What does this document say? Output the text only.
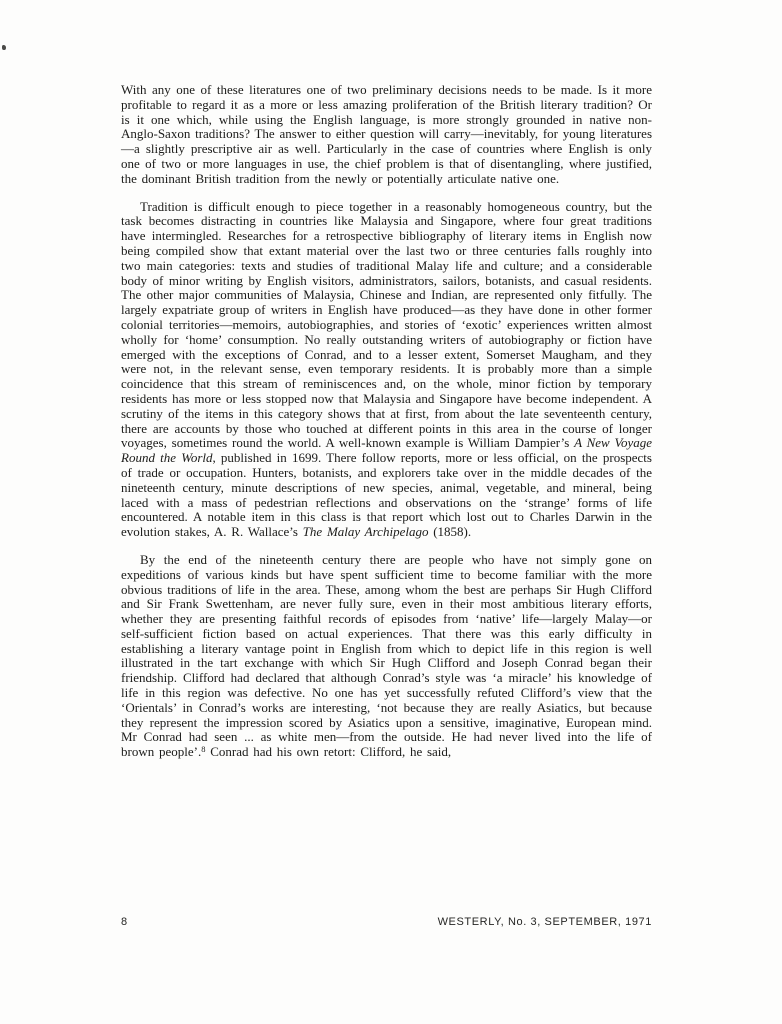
With any one of these literatures one of two preliminary decisions needs to be made. Is it more profitable to regard it as a more or less amazing proliferation of the British literary tradition? Or is it one which, while using the English language, is more strongly grounded in native non-Anglo-Saxon traditions? The answer to either question will carry—inevitably, for young literatures—a slightly prescriptive air as well. Particularly in the case of countries where English is only one of two or more languages in use, the chief problem is that of disentangling, where justified, the dominant British tradition from the newly or potentially articulate native one.

Tradition is difficult enough to piece together in a reasonably homogeneous country, but the task becomes distracting in countries like Malaysia and Singapore, where four great traditions have intermingled. Researches for a retrospective bibliography of literary items in English now being compiled show that extant material over the last two or three centuries falls roughly into two main categories: texts and studies of traditional Malay life and culture; and a considerable body of minor writing by English visitors, administrators, sailors, botanists, and casual residents. The other major communities of Malaysia, Chinese and Indian, are represented only fitfully. The largely expatriate group of writers in English have produced—as they have done in other former colonial territories—memoirs, autobiographies, and stories of ‘exotic’ experiences written almost wholly for ‘home’ consumption. No really outstanding writers of autobiography or fiction have emerged with the exceptions of Conrad, and to a lesser extent, Somerset Maugham, and they were not, in the relevant sense, even temporary residents. It is probably more than a simple coincidence that this stream of reminiscences and, on the whole, minor fiction by temporary residents has more or less stopped now that Malaysia and Singapore have become independent. A scrutiny of the items in this category shows that at first, from about the late seventeenth century, there are accounts by those who touched at different points in this area in the course of longer voyages, sometimes round the world. A well-known example is William Dampier’s A New Voyage Round the World, published in 1699. There follow reports, more or less official, on the prospects of trade or occupation. Hunters, botanists, and explorers take over in the middle decades of the nineteenth century, minute descriptions of new species, animal, vegetable, and mineral, being laced with a mass of pedestrian reflections and observations on the ‘strange’ forms of life encountered. A notable item in this class is that report which lost out to Charles Darwin in the evolution stakes, A. R. Wallace’s The Malay Archipelago (1858).

By the end of the nineteenth century there are people who have not simply gone on expeditions of various kinds but have spent sufficient time to become familiar with the more obvious traditions of life in the area. These, among whom the best are perhaps Sir Hugh Clifford and Sir Frank Swettenham, are never fully sure, even in their most ambitious literary efforts, whether they are presenting faithful records of episodes from ‘native’ life—largely Malay—or self-sufficient fiction based on actual experiences. That there was this early difficulty in establishing a literary vantage point in English from which to depict life in this region is well illustrated in the tart exchange with which Sir Hugh Clifford and Joseph Conrad began their friendship. Clifford had declared that although Conrad’s style was ‘a miracle’ his knowledge of life in this region was defective. No one has yet successfully refuted Clifford’s view that the ‘Orientals’ in Conrad’s works are interesting, ‘not because they are really Asiatics, but because they represent the impression scored by Asiatics upon a sensitive, imaginative, European mind. Mr Conrad had seen ... as white men—from the outside. He had never lived into the life of brown people’.$^8$ Conrad had his own retort: Clifford, he said,

8	WESTERLY, No. 3, SEPTEMBER, 1971
